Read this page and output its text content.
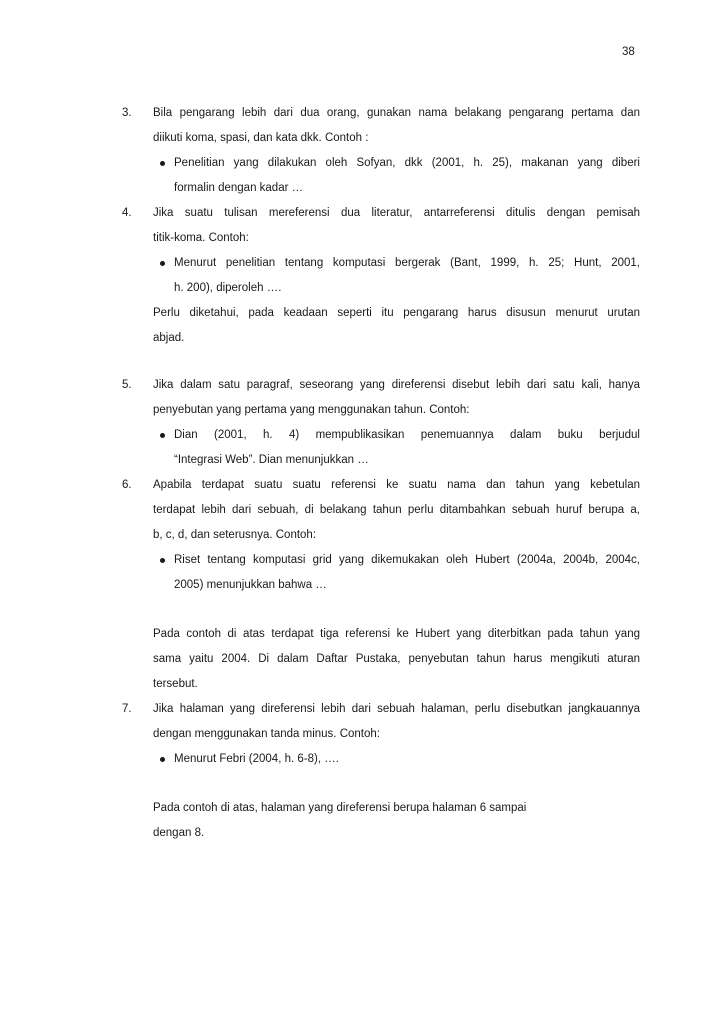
38
3.	Bila pengarang lebih dari dua orang, gunakan nama belakang pengarang pertama dan
diikuti koma, spasi, dan kata dkk. Contoh :
Penelitian yang dilakukan oleh Sofyan, dkk (2001, h. 25), makanan yang diberi
formalin dengan kadar …
4.	Jika suatu tulisan mereferensi dua literatur, antarreferensi ditulis dengan pemisah
titik-koma. Contoh:
Menurut penelitian tentang komputasi bergerak (Bant, 1999, h. 25; Hunt, 2001,
h. 200), diperoleh ….
Perlu diketahui, pada keadaan seperti itu pengarang harus disusun menurut urutan
abjad.
5.	Jika dalam satu paragraf, seseorang yang direferensi disebut lebih dari satu kali, hanya
penyebutan yang pertama yang menggunakan tahun. Contoh:
Dian (2001, h. 4) mempublikasikan penemuannya dalam buku berjudul
“Integrasi Web”. Dian menunjukkan …
6.	Apabila terdapat suatu suatu referensi ke suatu nama dan tahun yang kebetulan
terdapat lebih dari sebuah, di belakang tahun perlu ditambahkan sebuah huruf berupa a,
b, c, d, dan seterusnya. Contoh:
Riset tentang komputasi grid yang dikemukakan oleh Hubert (2004a, 2004b, 2004c,
2005) menunjukkan bahwa …
Pada contoh di atas terdapat tiga referensi ke Hubert yang diterbitkan pada tahun yang
sama yaitu 2004. Di dalam Daftar Pustaka, penyebutan tahun harus mengikuti aturan
tersebut.
7.	Jika halaman yang direferensi lebih dari sebuah halaman, perlu disebutkan jangkauannya
dengan menggunakan tanda minus. Contoh:
Menurut Febri (2004, h. 6-8), ….
Pada contoh di atas, halaman yang direferensi berupa halaman 6 sampai
dengan 8.
